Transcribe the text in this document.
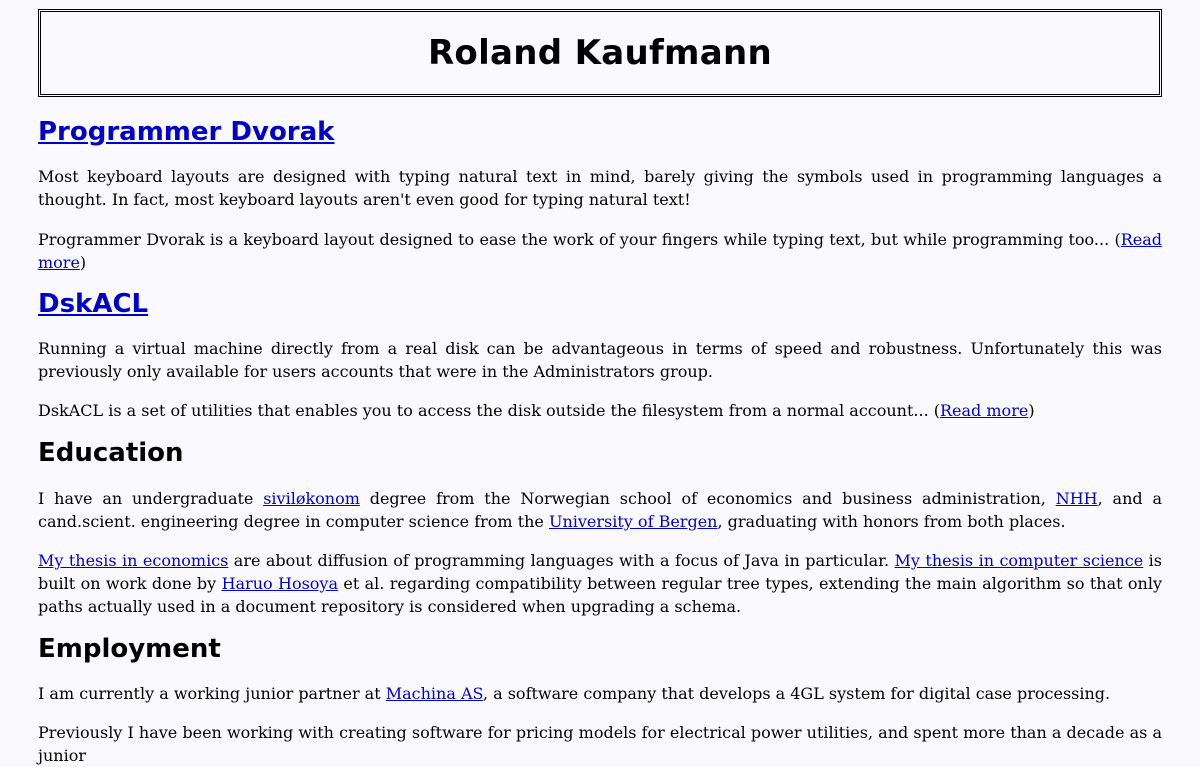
Roland Kaufmann
Programmer Dvorak

Most keyboard layouts are designed with typing natural text in mind, barely giving the symbols used in programming languages a thought. In fact, most keyboard layouts aren't even good for typing natural text!

Programmer Dvorak is a keyboard layout designed to ease the work of your fingers while typing text, but while programming too... (Read more)

DskACL

Running a virtual machine directly from a real disk can be advantageous in terms of speed and robustness. Unfortunately this was previously only available for users accounts that were in the Administrators group.

DskACL is a set of utilities that enables you to access the disk outside the filesystem from a normal account... (Read more)

Education

I have an undergraduate siviløkonom degree from the Norwegian school of economics and business administration, NHH, and a cand.scient. engineering degree in computer science from the University of Bergen, graduating with honors from both places.

My thesis in economics are about diffusion of programming languages with a focus of Java in particular. My thesis in computer science is built on work done by Haruo Hosoya et al. regarding compatibility between regular tree types, extending the main algorithm so that only paths actually used in a document repository is considered when upgrading a schema.

Employment

I am currently a working junior partner at Machina AS, a software company that develops a 4GL system for digital case processing.

Previously I have been working with creating software for pricing models for electrical power utilities, and spent more than a decade as a junior
